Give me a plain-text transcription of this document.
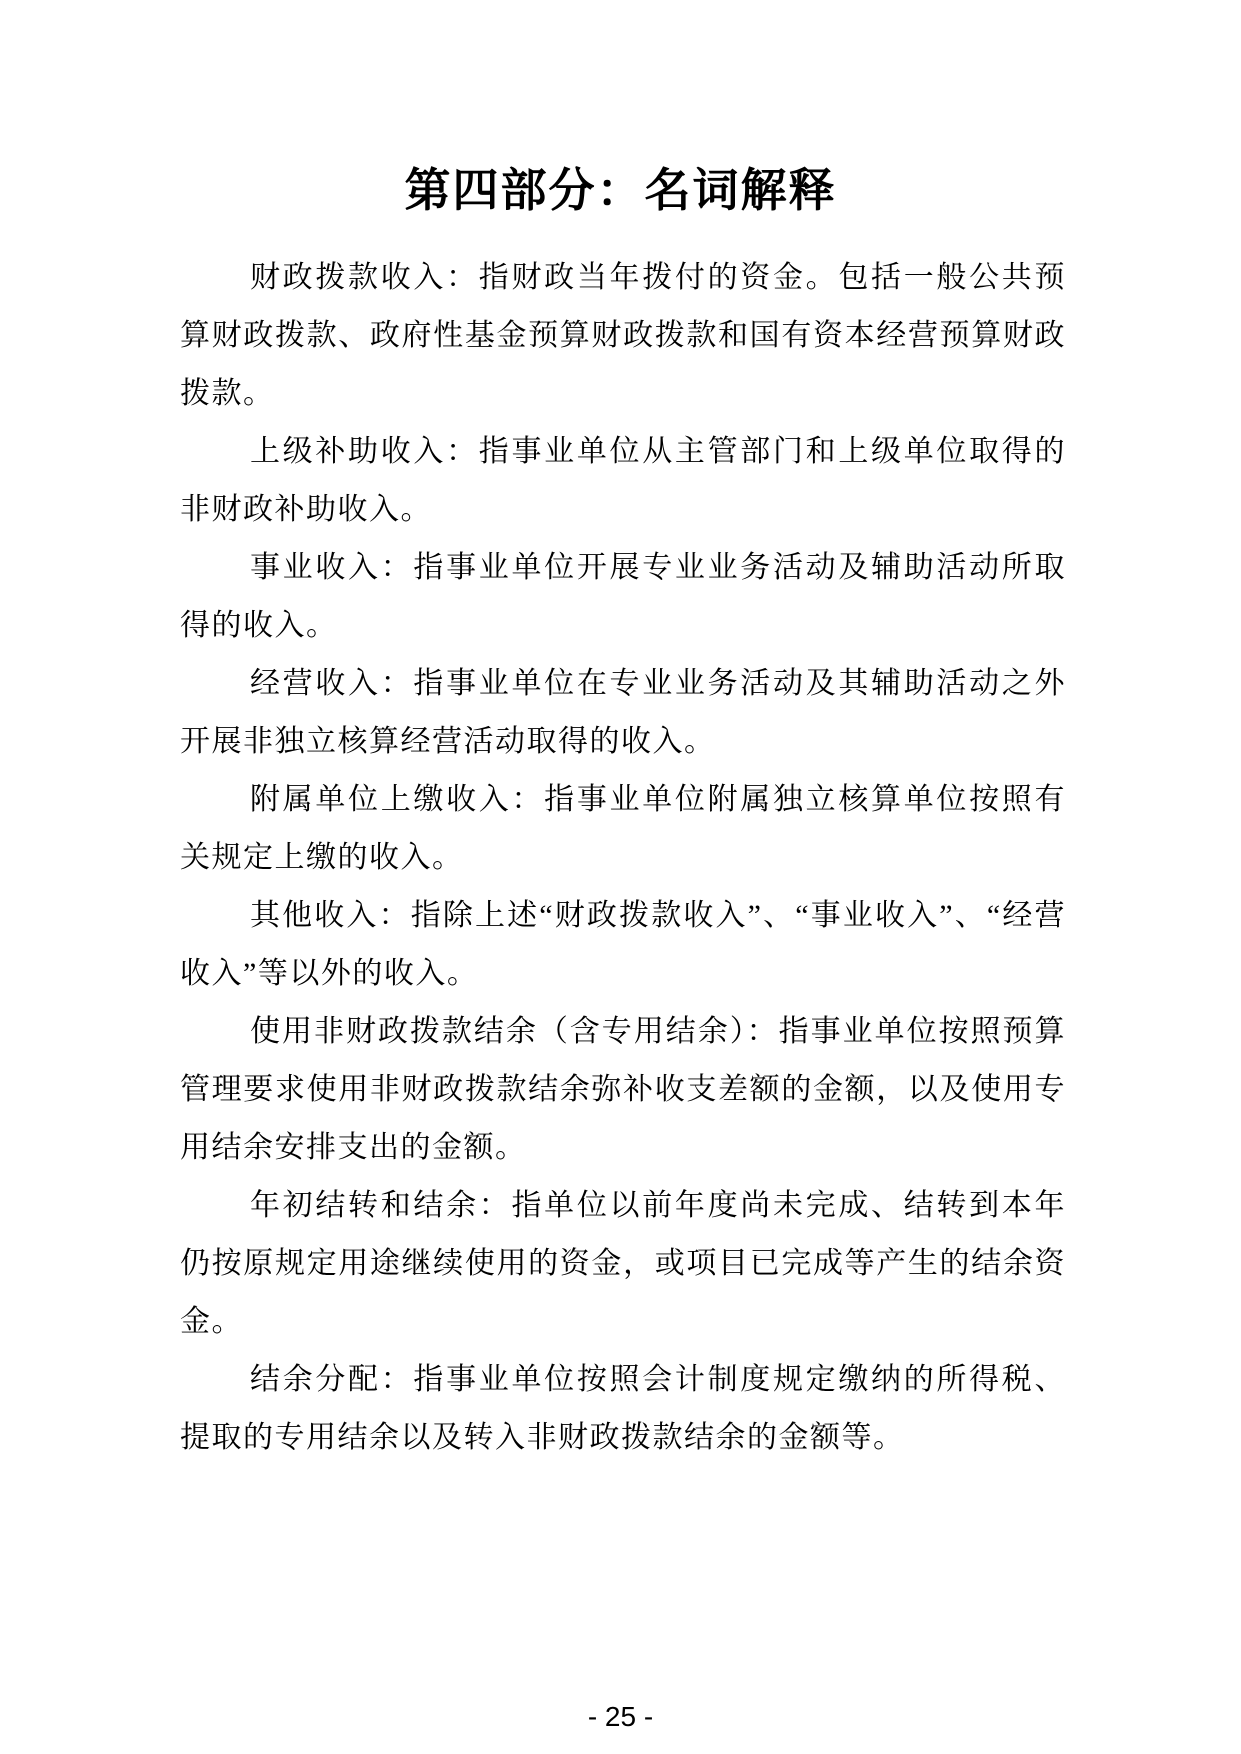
第四部分：名词解释

财政拨款收入：指财政当年拨付的资金。包括一般公共预算财政拨款、政府性基金预算财政拨款和国有资本经营预算财政拨款。

上级补助收入：指事业单位从主管部门和上级单位取得的非财政补助收入。

事业收入：指事业单位开展专业业务活动及辅助活动所取得的收入。

经营收入：指事业单位在专业业务活动及其辅助活动之外开展非独立核算经营活动取得的收入。

附属单位上缴收入：指事业单位附属独立核算单位按照有关规定上缴的收入。

其他收入：指除上述“财政拨款收入”、“事业收入”、“经营收入”等以外的收入。

使用非财政拨款结余（含专用结余）：指事业单位按照预算管理要求使用非财政拨款结余弥补收支差额的金额，以及使用专用结余安排支出的金额。

年初结转和结余：指单位以前年度尚未完成、结转到本年仍按原规定用途继续使用的资金，或项目已完成等产生的结余资金。

结余分配：指事业单位按照会计制度规定缴纳的所得税、提取的专用结余以及转入非财政拨款结余的金额等。

- 25 -
